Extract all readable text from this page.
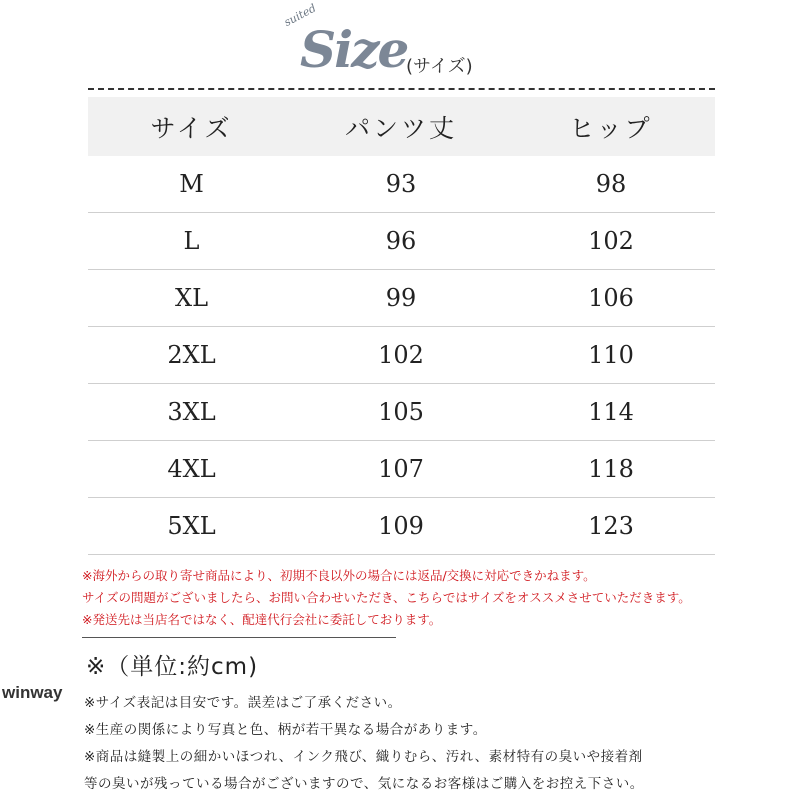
suited
Size
(サイズ)
サイズ	パンツ丈	ヒップ
M	93	98
L	96	102
XL	99	106
2XL	102	110
3XL	105	114
4XL	107	118
5XL	109	123
※海外からの取り寄せ商品により、初期不良以外の場合には返品/交換に対応できかねます。
サイズの問題がございましたら、お問い合わせいただき、こちらではサイズをオススメさせていただきます。
※発送先は当店名ではなく、配達代行会社に委託しております。
※（単位:約cm)
winway
※サイズ表記は目安です。誤差はご了承ください。
※生産の関係により写真と色、柄が若干異なる場合があります。
※商品は縫製上の細かいほつれ、インク飛び、織りむら、汚れ、素材特有の臭いや接着剤
等の臭いが残っている場合がございますので、気になるお客様はご購入をお控え下さい。
